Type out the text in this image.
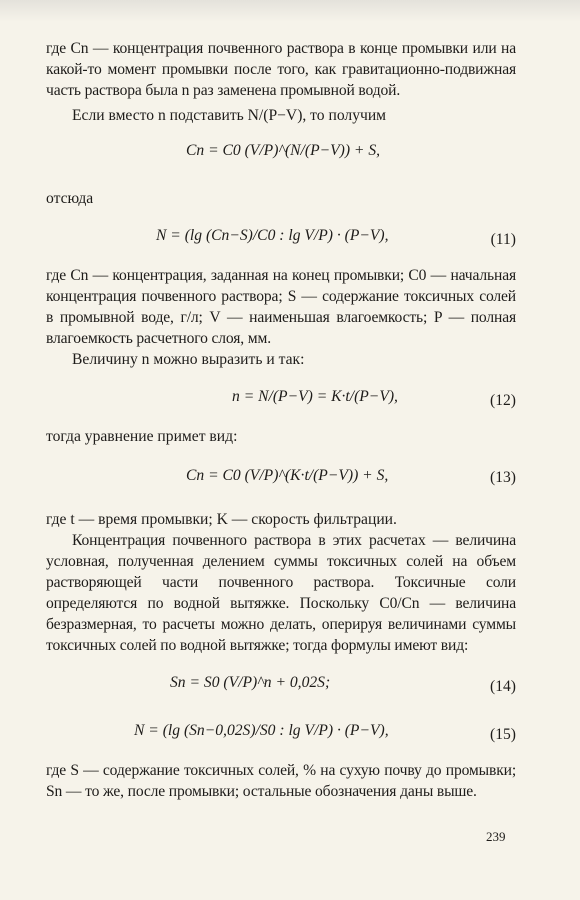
где Cn — концентрация почвенного раствора в конце промывки или на какой-то момент промывки после того, как гравитационно-подвижная часть раствора была n раз заменена промывной водой.

Если вместо n подставить N/(P−V), то получим

Cn = C0 (V/P)^(N/(P−V)) + S,

отсюда

N = (lg (Cn−S)/C0 : lg V/P) · (P−V),	(11)

где Cn — концентрация, заданная на конец промывки; C0 — начальная концентрация почвенного раствора; S — содержание токсичных солей в промывной воде, г/л; V — наименьшая влагоемкость; P — полная влагоемкость расчетного слоя, мм.

Величину n можно выразить и так:

n = N/(P−V) = K·t/(P−V),	(12)

тогда уравнение примет вид:

Cn = C0 (V/P)^(K·t/(P−V)) + S,	(13)

где t — время промывки; K — скорость фильтрации.

Концентрация почвенного раствора в этих расчетах — величина условная, полученная делением суммы токсичных солей на объем растворяющей части почвенного раствора. Токсичные соли определяются по водной вытяжке. Поскольку C0/Cn — величина безразмерная, то расчеты можно делать, оперируя величинами суммы токсичных солей по водной вытяжке; тогда формулы имеют вид:

Sn = S0 (V/P)^n + 0,02S;	(14)
N = (lg (Sn−0,02S)/S0 : lg V/P) · (P−V),	(15)

где S — содержание токсичных солей, % на сухую почву до промывки; Sn — то же, после промывки; остальные обозначения даны выше.

239
